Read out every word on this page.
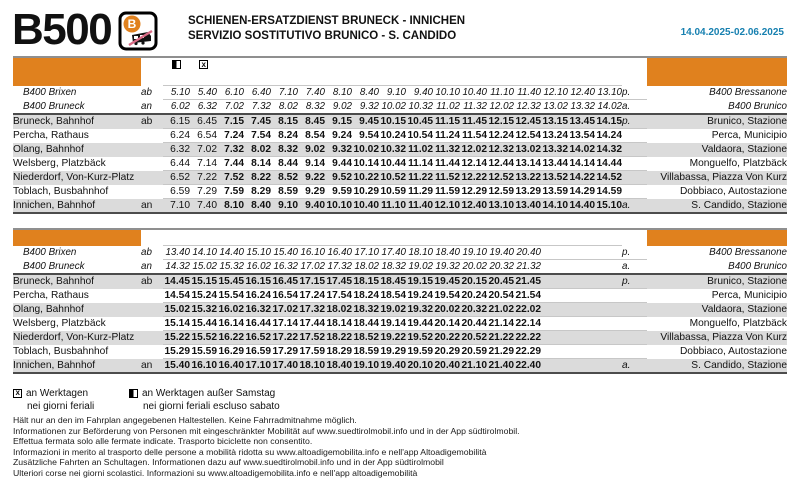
B500 B	SCHIENEN-ERSATZDIENST BRUNECK - INNICHEN
SERVIZIO SOSTITUTIVO BRUNICO - S. CANDIDO	14.04.2025-02.06.2025
			x																	
B400 Brixen	ab	5.10	5.40	6.10	6.40	7.10	7.40	8.10	8.40	9.10	9.40	10.10	10.40	11.10	11.40	12.10	12.40	13.10	p.	B400 Bressanone
B400 Bruneck	an	6.02	6.32	7.02	7.32	8.02	8.32	9.02	9.32	10.02	10.32	11.02	11.32	12.02	12.32	13.02	13.32	14.02	a.	B400 Brunico
Bruneck, Bahnhof	ab	6.15	6.45	7.15	7.45	8.15	8.45	9.15	9.45	10.15	10.45	11.15	11.45	12.15	12.45	13.15	13.45	14.15	p.	Brunico, Stazione
Percha, Rathaus		6.24	6.54	7.24	7.54	8.24	8.54	9.24	9.54	10.24	10.54	11.24	11.54	12.24	12.54	13.24	13.54	14.24		Perca, Municipio
Olang, Bahnhof		6.32	7.02	7.32	8.02	8.32	9.02	9.32	10.02	10.32	11.02	11.32	12.02	12.32	13.02	13.32	14.02	14.32		Valdaora, Stazione
Welsberg, Platzbäck		6.44	7.14	7.44	8.14	8.44	9.14	9.44	10.14	10.44	11.14	11.44	12.14	12.44	13.14	13.44	14.14	14.44		Monguelfo, Platzbäck
Niederdorf, Von-Kurz-Platz		6.52	7.22	7.52	8.22	8.52	9.22	9.52	10.22	10.52	11.22	11.52	12.22	12.52	13.22	13.52	14.22	14.52		Villabassa, Piazza Von Kurz
Toblach, Busbahnhof		6.59	7.29	7.59	8.29	8.59	9.29	9.59	10.29	10.59	11.29	11.59	12.29	12.59	13.29	13.59	14.29	14.59		Dobbiaco, Autostazione
Innichen, Bahnhof	an	7.10	7.40	8.10	8.40	9.10	9.40	10.10	10.40	11.10	11.40	12.10	12.40	13.10	13.40	14.10	14.40	15.10	a.	S. Candido, Stazione

B400 Brixen	ab	13.40	14.10	14.40	15.10	15.40	16.10	16.40	17.10	17.40	18.10	18.40	19.10	19.40	20.40				p.	B400 Bressanone
B400 Bruneck	an	14.32	15.02	15.32	16.02	16.32	17.02	17.32	18.02	18.32	19.02	19.32	20.02	20.32	21.32				a.	B400 Brunico
Bruneck, Bahnhof	ab	14.45	15.15	15.45	16.15	16.45	17.15	17.45	18.15	18.45	19.15	19.45	20.15	20.45	21.45				p.	Brunico, Stazione
Percha, Rathaus		14.54	15.24	15.54	16.24	16.54	17.24	17.54	18.24	18.54	19.24	19.54	20.24	20.54	21.54					Perca, Municipio
Olang, Bahnhof		15.02	15.32	16.02	16.32	17.02	17.32	18.02	18.32	19.02	19.32	20.02	20.32	21.02	22.02					Valdaora, Stazione
Welsberg, Platzbäck		15.14	15.44	16.14	16.44	17.14	17.44	18.14	18.44	19.14	19.44	20.14	20.44	21.14	22.14					Monguelfo, Platzbäck
Niederdorf, Von-Kurz-Platz		15.22	15.52	16.22	16.52	17.22	17.52	18.22	18.52	19.22	19.52	20.22	20.52	21.22	22.22					Villabassa, Piazza Von Kurz
Toblach, Busbahnhof		15.29	15.59	16.29	16.59	17.29	17.59	18.29	18.59	19.29	19.59	20.29	20.59	21.29	22.29					Dobbiaco, Autostazione
Innichen, Bahnhof	an	15.40	16.10	16.40	17.10	17.40	18.10	18.40	19.10	19.40	20.10	20.40	21.10	21.40	22.40				a.	S. Candido, Stazione
xan Werktagen	an Werktagen außer Samstag
nei giorni feriali	nei giorni feriali escluso sabato
Hält nur an den im Fahrplan angegebenen Haltestellen. Keine Fahrradmitnahme möglich.
Informationen zur Beförderung von Personen mit eingeschränkter Mobilität auf www.suedtirolmobil.info und in der App südtirolmobil.
Effettua fermata solo alle fermate indicate. Trasporto biciclette non consentito.
Informazioni in merito al trasporto delle persone a mobilità ridotta su www.altoadigemobilita.info e nell'app Altoadigemobilità
Zusätzliche Fahrten an Schultagen. Informationen dazu auf www.suedtirolmobil.info und in der App südtirolmobil
Ulteriori corse nei giorni scolastici. Informazioni su www.altoadigemobilita.info e nell'app altoadigemobilità
